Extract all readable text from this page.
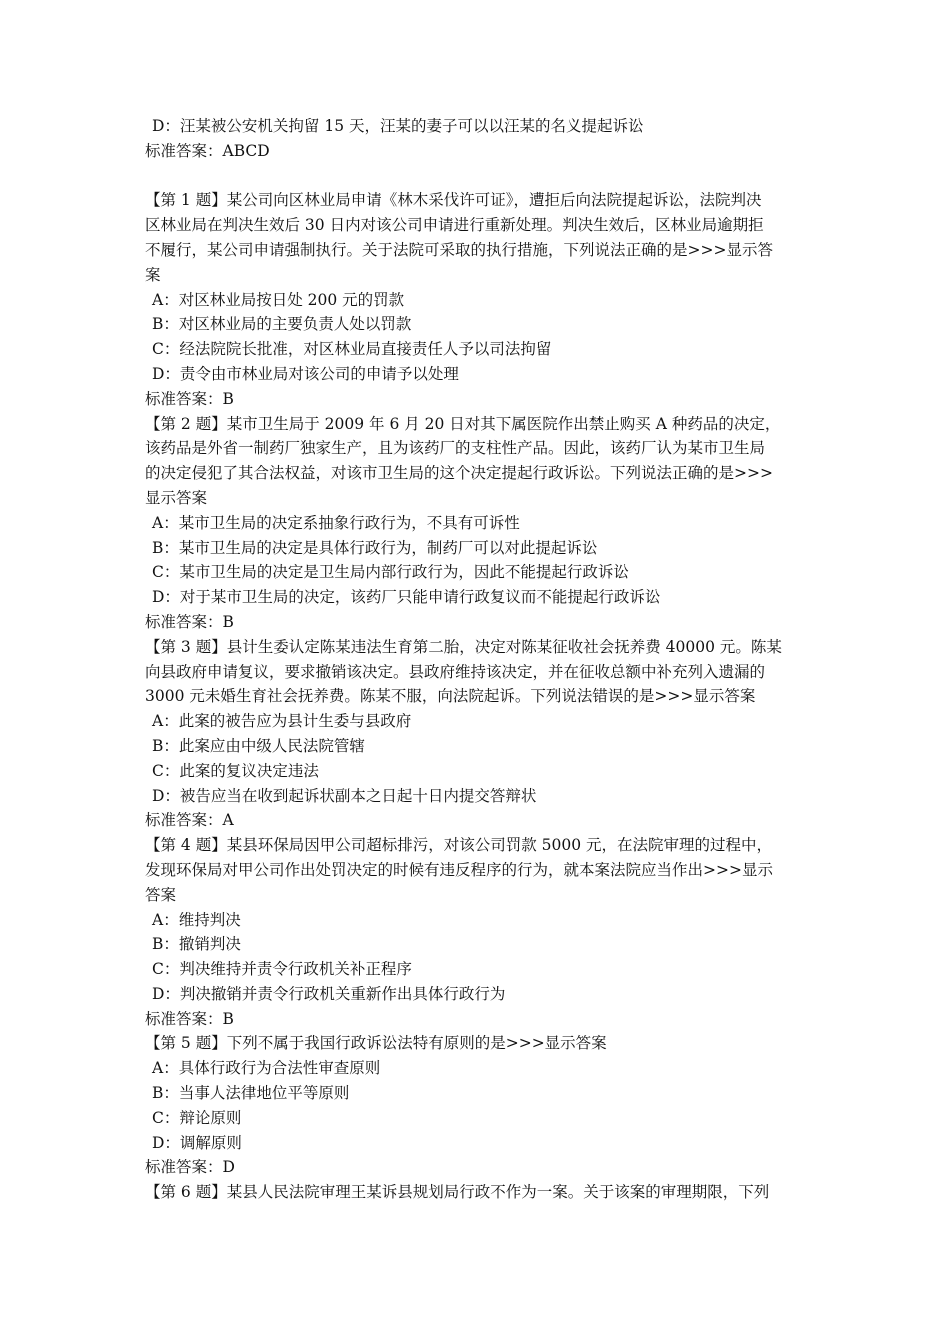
D：汪某被公安机关拘留 15 天，汪某的妻子可以以汪某的名义提起诉讼
标准答案：ABCD
【第 1 题】某公司向区林业局申请《林木采伐许可证》，遭拒后向法院提起诉讼，法院判决
区林业局在判决生效后 30 日内对该公司申请进行重新处理。判决生效后，区林业局逾期拒
不履行，某公司申请强制执行。关于法院可采取的执行措施，下列说法正确的是>>>显示答
案
A：对区林业局按日处 200 元的罚款
B：对区林业局的主要负责人处以罚款
C：经法院院长批准，对区林业局直接责任人予以司法拘留
D：责令由市林业局对该公司的申请予以处理
标准答案：B
【第 2 题】某市卫生局于 2009 年 6 月 20 日对其下属医院作出禁止购买 A 种药品的决定，
该药品是外省一制药厂独家生产，且为该药厂的支柱性产品。因此，该药厂认为某市卫生局
的决定侵犯了其合法权益，对该市卫生局的这个决定提起行政诉讼。下列说法正确的是>>>
显示答案
A：某市卫生局的决定系抽象行政行为，不具有可诉性
B：某市卫生局的决定是具体行政行为，制药厂可以对此提起诉讼
C：某市卫生局的决定是卫生局内部行政行为，因此不能提起行政诉讼
D：对于某市卫生局的决定，该药厂只能申请行政复议而不能提起行政诉讼
标准答案：B
【第 3 题】县计生委认定陈某违法生育第二胎，决定对陈某征收社会抚养费 40000 元。陈某
向县政府申请复议，要求撤销该决定。县政府维持该决定，并在征收总额中补充列入遗漏的
3000 元未婚生育社会抚养费。陈某不服，向法院起诉。下列说法错误的是>>>显示答案
A：此案的被告应为县计生委与县政府
B：此案应由中级人民法院管辖
C：此案的复议决定违法
D：被告应当在收到起诉状副本之日起十日内提交答辩状
标准答案：A
【第 4 题】某县环保局因甲公司超标排污，对该公司罚款 5000 元，在法院审理的过程中，
发现环保局对甲公司作出处罚决定的时候有违反程序的行为，就本案法院应当作出>>>显示
答案
A：维持判决
B：撤销判决
C：判决维持并责令行政机关补正程序
D：判决撤销并责令行政机关重新作出具体行政行为
标准答案：B
【第 5 题】下列不属于我国行政诉讼法特有原则的是>>>显示答案
A：具体行政行为合法性审查原则
B：当事人法律地位平等原则
C：辩论原则
D：调解原则
标准答案：D
【第 6 题】某县人民法院审理王某诉县规划局行政不作为一案。关于该案的审理期限，下列
